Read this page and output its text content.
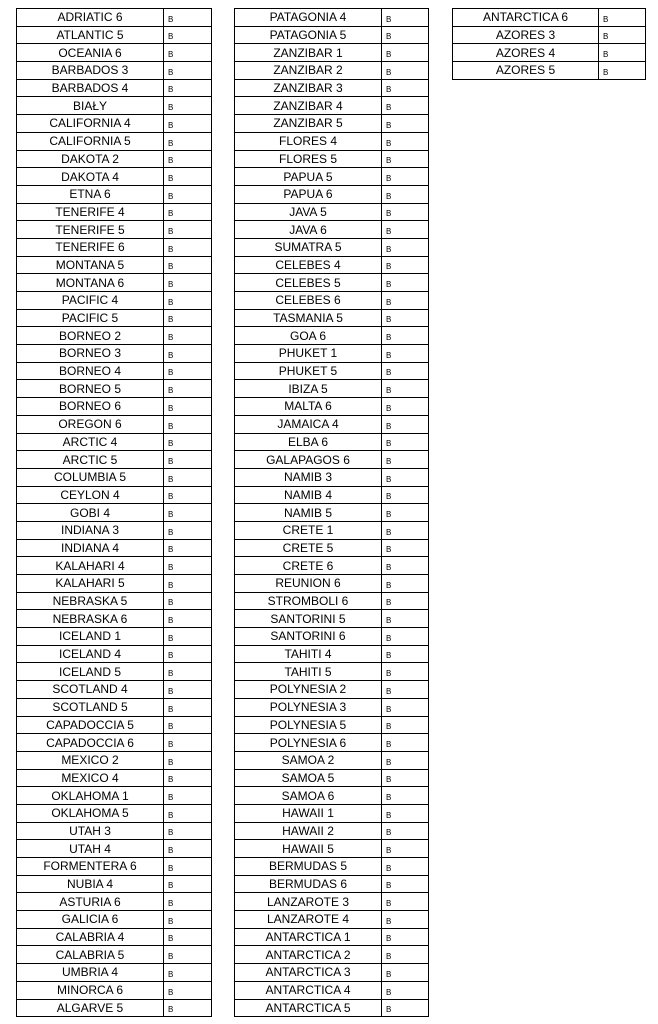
ADRIATIC 6	B
ATLANTIC 5	B
OCEANIA 6	B
BARBADOS 3	B
BARBADOS 4	B
BIAŁY	B
CALIFORNIA 4	B
CALIFORNIA 5	B
DAKOTA 2	B
DAKOTA 4	B
ETNA 6	B
TENERIFE 4	B
TENERIFE 5	B
TENERIFE 6	B
MONTANA 5	B
MONTANA 6	B
PACIFIC 4	B
PACIFIC 5	B
BORNEO 2	B
BORNEO 3	B
BORNEO 4	B
BORNEO 5	B
BORNEO 6	B
OREGON 6	B
ARCTIC 4	B
ARCTIC 5	B
COLUMBIA 5	B
CEYLON 4	B
GOBI 4	B
INDIANA 3	B
INDIANA 4	B
KALAHARI 4	B
KALAHARI 5	B
NEBRASKA 5	B
NEBRASKA 6	B
ICELAND 1	B
ICELAND 4	B
ICELAND 5	B
SCOTLAND 4	B
SCOTLAND 5	B
CAPADOCCIA 5	B
CAPADOCCIA 6	B
MEXICO 2	B
MEXICO 4	B
OKLAHOMA 1	B
OKLAHOMA 5	B
UTAH 3	B
UTAH 4	B
FORMENTERA 6	B
NUBIA 4	B
ASTURIA 6	B
GALICIA 6	B
CALABRIA 4	B
CALABRIA 5	B
UMBRIA 4	B
MINORCA 6	B
ALGARVE 5	B
PATAGONIA 4	B
PATAGONIA 5	B
ZANZIBAR 1	B
ZANZIBAR 2	B
ZANZIBAR 3	B
ZANZIBAR 4	B
ZANZIBAR 5	B
FLORES 4	B
FLORES 5	B
PAPUA 5	B
PAPUA 6	B
JAVA 5	B
JAVA 6	B
SUMATRA 5	B
CELEBES 4	B
CELEBES 5	B
CELEBES 6	B
TASMANIA 5	B
GOA 6	B
PHUKET 1	B
PHUKET 5	B
IBIZA 5	B
MALTA 6	B
JAMAICA 4	B
ELBA 6	B
GALAPAGOS 6	B
NAMIB 3	B
NAMIB 4	B
NAMIB 5	B
CRETE 1	B
CRETE 5	B
CRETE 6	B
REUNION 6	B
STROMBOLI 6	B
SANTORINI 5	B
SANTORINI 6	B
TAHITI 4	B
TAHITI 5	B
POLYNESIA 2	B
POLYNESIA 3	B
POLYNESIA 5	B
POLYNESIA 6	B
SAMOA 2	B
SAMOA 5	B
SAMOA 6	B
HAWAII 1	B
HAWAII 2	B
HAWAII 5	B
BERMUDAS 5	B
BERMUDAS 6	B
LANZAROTE 3	B
LANZAROTE 4	B
ANTARCTICA 1	B
ANTARCTICA 2	B
ANTARCTICA 3	B
ANTARCTICA 4	B
ANTARCTICA 5	B
ANTARCTICA 6	B
AZORES 3	B
AZORES 4	B
AZORES 5	B
